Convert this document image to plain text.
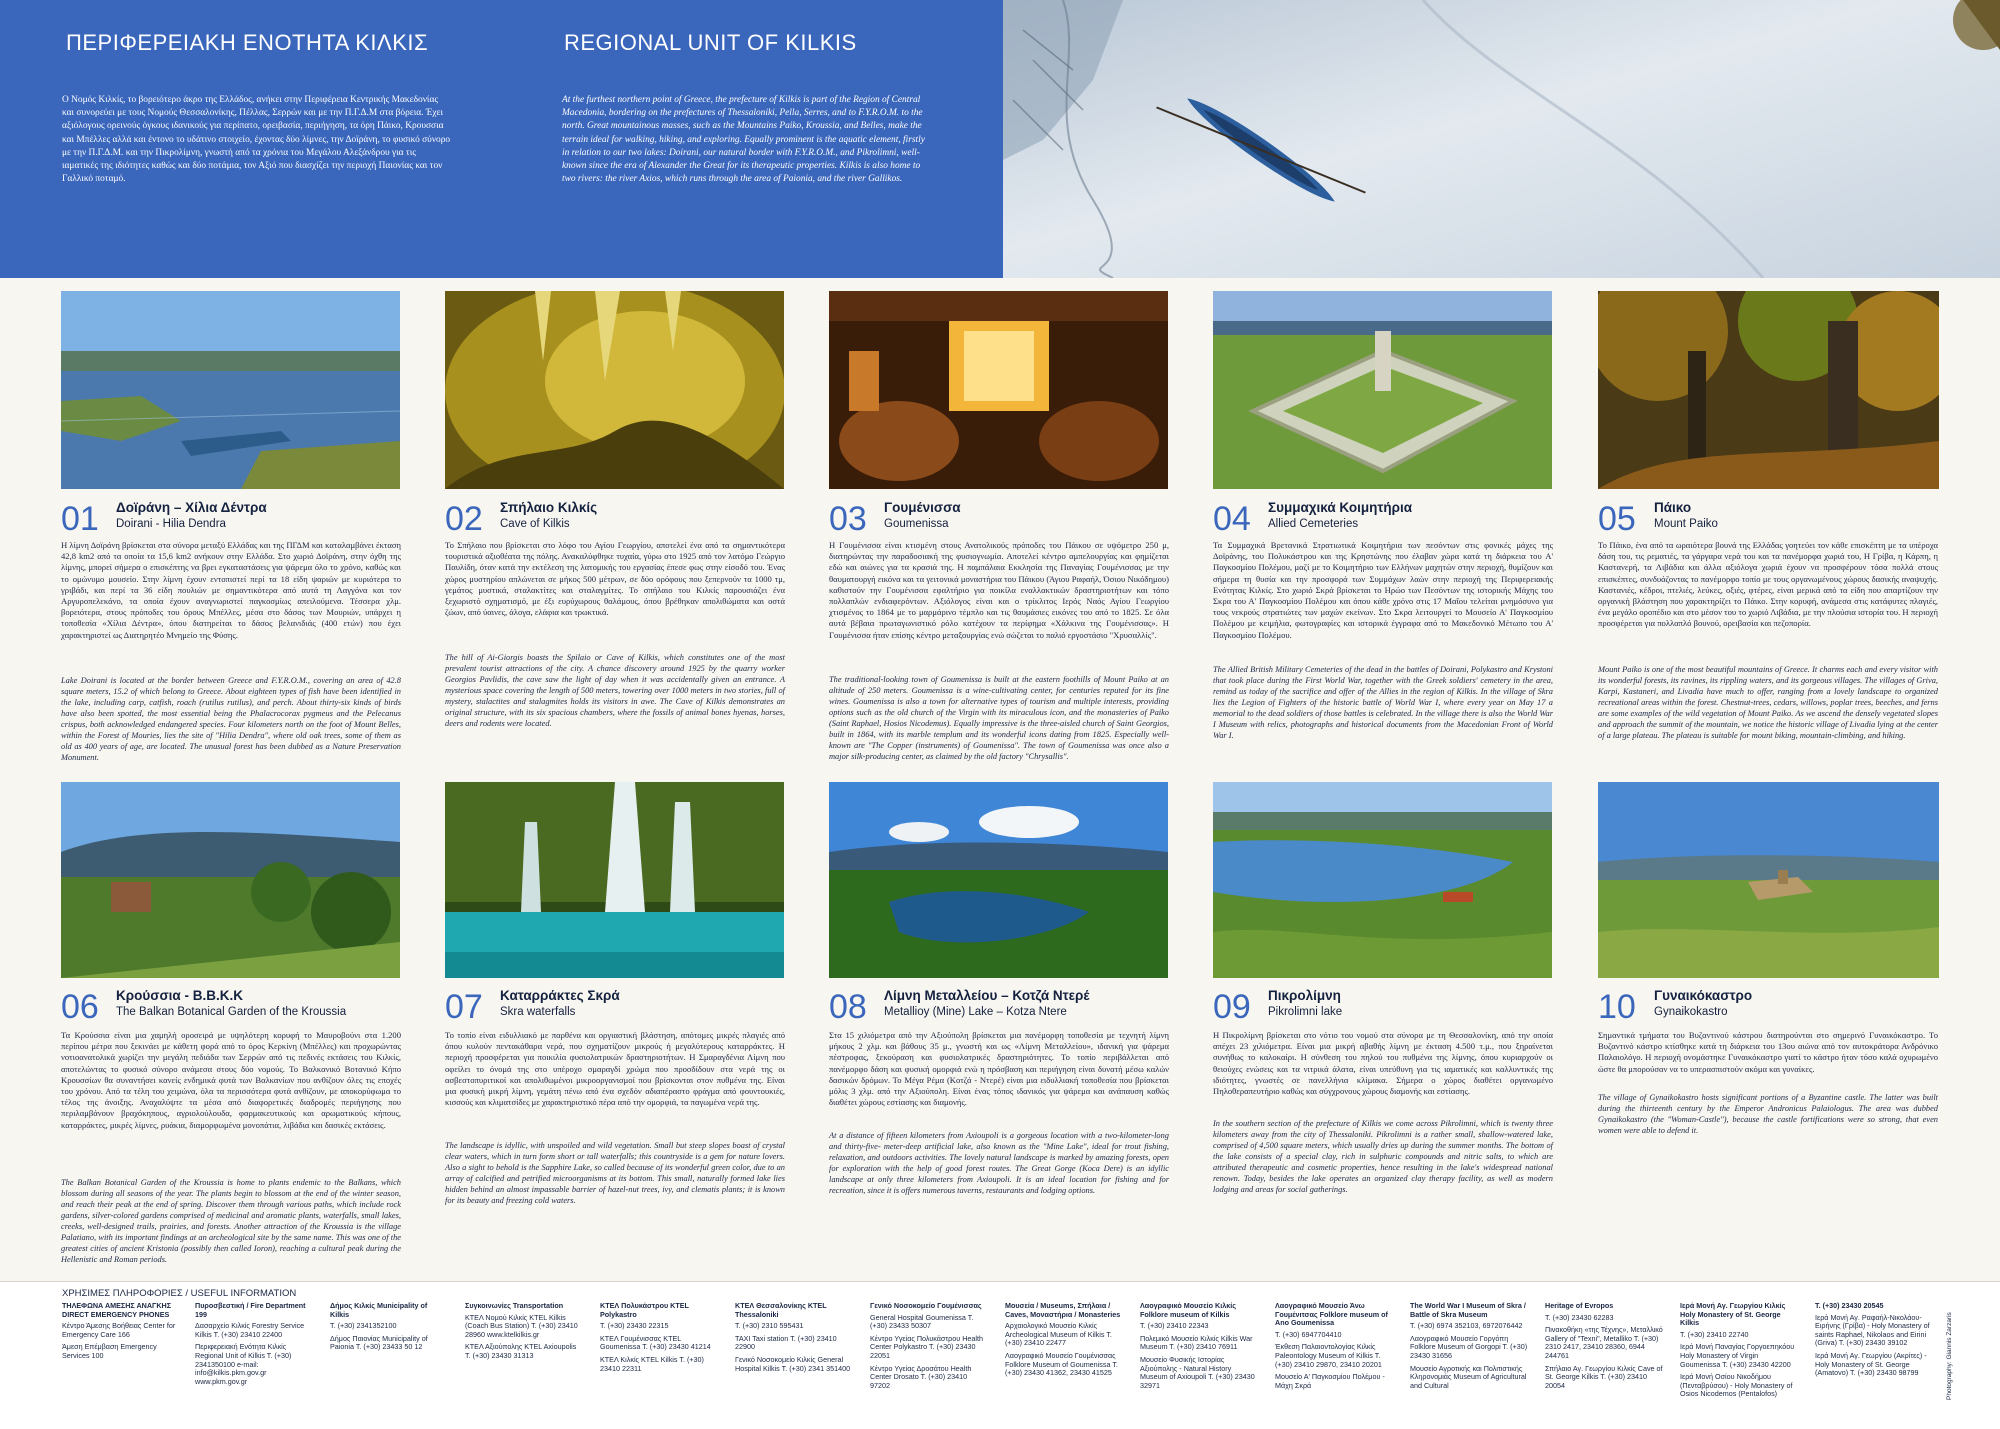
ΠΕΡΙΦΕΡΕΙΑΚΗ ΕΝΟΤΗΤΑ ΚΙΛΚΙΣ	REGIONAL UNIT OF KILKIS
Ο Νομός Κιλκίς, το βορειότερο άκρο της Ελλάδος, ανήκει στην Περιφέρεια Κεντρικής Μακεδονίας και συνορεύει με τους Νομούς Θεσσαλονίκης, Πέλλας, Σερρών και με την Π.Γ.Δ.Μ στα βόρεια. Έχει αξιόλογους ορεινούς όγκους ιδανικούς για περίπατο, ορειβασία, περιήγηση, τα όρη Πάικο, Κρουσσια και Μπέλλες αλλά και έντονο το υδάτινο στοιχείο, έχοντας δύο λίμνες, την Δοϊράνη, το φυσικό σύνορο με την Π.Γ.Δ.Μ. και την Πικρολίμνη, γνωστή από τα χρόνια του Μεγάλου Αλεξάνδρου για τις ιαματικές της ιδιότητες καθώς και δύο ποτάμια, τον Αξιό που διασχίζει την περιοχή Παιονίας και τον Γαλλικό ποταμό.
At the furthest northern point of Greece, the prefecture of Kilkis is part of the Region of Central Macedonia, bordering on the prefectures of Thessaloniki, Pella, Serres, and to F.Y.R.O.M. to the north. Great mountainous masses, such as the Mountains Paiko, Kroussia, and Belles, make the terrain ideal for walking, hiking, and exploring. Equally prominent is the aquatic element, firstly in relation to our two lakes: Doirani, our natural border with F.Y.R.O.M., and Pikrolimni, well-known since the era of Alexander the Great for its therapeutic properties. Kilkis is also home to two rivers: the river Axios, which runs through the area of Paionia, and the river Gallikos.
01 Δοϊράνη – Χίλια Δέντρα
Doirani - Hilia Dendra
Η λίμνη Δοϊράνη βρίσκεται στα σύνορα μεταξύ Ελλάδας και της ΠΓΔΜ και καταλαμβάνει έκταση 42,8 km2 από τα οποία τα 15,6 km2 ανήκουν στην Ελλάδα. Στο χωριό Δοϊράνη, στην όχθη της λίμνης, μπορεί σήμερα ο επισκέπτης να βρει εγκαταστάσεις για ψάρεμα όλο το χρόνο, καθώς και το ομώνυμο μουσείο. Στην λίμνη έχουν εντοπιστεί περί τα 18 είδη ψαριών με κυριότερα το γριβάδι, και περί τα 36 είδη πουλιών με σημαντικότερα από αυτά τη Λαγγόνα και τον Αργυροπελεκάνο, τα οποία έχουν αναγνωριστεί παγκοσμίως απειλούμενα. Τέσσερα χλμ. βορειότερα, στους πρόποδες του όρους Μπέλλες, μέσα στο δάσος των Μουριών, υπάρχει η τοποθεσία «Χίλια Δέντρα», όπου διατηρείται το δάσος βελανιδιάς (400 ετών) που έχει χαρακτηριστεί ως Διατηρητέο Μνημείο της Φύσης.
Lake Doirani is located at the border between Greece and F.Y.R.O.M., covering an area of 42.8 square meters, 15.2 of which belong to Greece. About eighteen types of fish have been identified in the lake, including carp, catfish, roach (rutilus rutilus), and perch. About thirty-six kinds of birds have also been spotted, the most essential being the Phalacrocorax pygmeus and the Pelecanus crispus, both acknowledged endangered species. Four kilometers north on the foot of Mount Belles, within the Forest of Mouries, lies the site of "Hilia Dendra", where old oak trees, some of them as old as 400 years of age, are located. The unusual forest has been dubbed as a Nature Preservation Monument.
02 Σπήλαιο Κιλκίς
Cave of Kilkis
Το Σπήλαιο που βρίσκεται στο λόφο του Αγίου Γεωργίου, αποτελεί ένα από τα σημαντικότερα τουριστικά αξιοθέατα της πόλης. Ανακαλύφθηκε τυχαία, γύρω στο 1925 από τον λατόμο Γεώργιο Παυλίδη, όταν κατά την εκτέλεση της λατομικής του εργασίας έπεσε φως στην είσοδό του. Ένας χώρος μυστηρίου απλώνεται σε μήκος 500 μέτρων, σε δύο ορόφους που ξεπερνούν τα 1000 τμ, γεμάτος μυστικά, σταλακτίτες και σταλαγμίτες. Το σπήλαιο του Κιλκίς παρουσιάζει ένα ξεχωριστό σχηματισμό, με έξι ευρύχωρους θαλάμους, όπου βρέθηκαν απολιθώματα και οστά ζώων, από ύαινες, άλογα, ελάφια και τρωκτικά.
The hill of Ai-Giorgis boasts the Spilaio or Cave of Kilkis, which constitutes one of the most prevalent tourist attractions of the city. A chance discovery around 1925 by the quarry worker Georgios Pavlidis, the cave saw the light of day when it was accidentally given an entrance. A mysterious space covering the length of 500 meters, towering over 1000 meters in two stories, full of mystery, stalactites and stalagmites holds its visitors in awe. The Cave of Kilkis demonstrates an original structure, with its six spacious chambers, where the fossils of animal bones hyenas, horses, deers and rodents were located.
03 Γουμένισσα
Goumenissa
Η Γουμένισσα είναι κτισμένη στους Ανατολικούς πρόποδες του Πάικου σε υψόμετρο 250 μ, διατηρώντας την παραδοσιακή της φυσιογνωμία. Αποτελεί κέντρο αμπελουργίας και φημίζεται εδώ και αιώνες για τα κρασιά της. Η παμπάλαια Εκκλησία της Παναγίας Γουμένισσας με την θαυματουργή εικόνα και τα γειτονικά μοναστήρια του Πάικου (Άγιου Ραφαήλ, Όσιου Νικόδημου) καθιστούν την Γουμένισσα εφαλτήριο για ποικίλα εναλλακτικών δραστηριοτήτων και τόπο πολλαπλών ενδιαφερόντων. Αξιόλογος είναι και ο τρίκλιτος Ιερός Ναός Αγίου Γεωργίου χτισμένος το 1864 με το μαρμάρινο τέμπλο και τις θαυμάσιες εικόνες του από το 1825. Σε όλα αυτά βέβαια πρωταγωνιστικό ρόλο κατέχουν τα περίφημα «Χάλκινα της Γουμένισσας». Η Γουμένισσα ήταν επίσης κέντρο μεταξουργίας ενώ σώζεται το παλιό εργοστάσιο "Χρυσαλλίς".
The traditional-looking town of Goumenissa is built at the eastern foothills of Mount Paiko at an altitude of 250 meters. Goumenissa is a wine-cultivating center, for centuries reputed for its fine wines. Goumenissa is also a town for alternative types of tourism and multiple interests, providing options such as the old church of the Virgin with its miraculous icon, and the monasteries of Paiko (Saint Raphael, Hosios Nicodemus). Equally impressive is the three-aisled church of Saint Georgios, built in 1864, with its marble templum and its wonderful icons dating from 1825. Especially well-known are "The Copper (instruments) of Goumenissa". The town of Goumenissa was once also a major silk-producing center, as claimed by the old factory "Chrysallis".
04 Συμμαχικά Κοιμητήρια
Allied Cemeteries
Τα Συμμαχικά Βρετανικά Στρατιωτικά Κοιμητήρια των πεσόντων στις φονικές μάχες της Δοϊράνης, του Πολυκάστρου και της Κρηστώνης που έλαβαν χώρα κατά τη διάρκεια του Α' Παγκοσμίου Πολέμου, μαζί με το Κοιμητήριο των Ελλήνων μαχητών στην περιοχή, θυμίζουν και σήμερα τη θυσία και την προσφορά των Συμμάχων λαών στην περιοχή της Περιφερειακής Ενότητας Κιλκίς. Στο χωριό Σκρά βρίσκεται το Ηρώο των Πεσόντων της ιστορικής Μάχης του Σκρα του Α' Παγκοσμίου Πολέμου και όπου κάθε χρόνο στις 17 Μαΐου τελείται μνημόσυνο για τους νεκρούς στρατιώτες των μαχών εκείνων. Στο Σκρα λειτουργεί το Μουσείο Α' Παγκοσμίου Πολέμου με κειμήλια, φωτογραφίες και ιστορικά έγγραφα από το Μακεδονικό Μέτωπο του Α' Παγκοσμίου Πολέμου.
The Allied British Military Cemeteries of the dead in the battles of Doirani, Polykastro and Krystoni that took place during the First World War, together with the Greek soldiers' cemetery in the area, remind us today of the sacrifice and offer of the Allies in the region of Kilkis. In the village of Skra lies the Legion of Fighters of the historic battle of World War I, where every year on May 17 a memorial to the dead soldiers of those battles is celebrated. In the village there is also the World War I Museum with relics, photographs and historical documents from the Macedonian Front of World War I.
05 Πάικο
Mount Paiko
Το Πάικο, ένα από τα ωραιότερα βουνά της Ελλάδας γοητεύει τον κάθε επισκέπτη με τα υπέροχα δάση του, τις ρεματιές, τα γάργαρα νερά του και τα πανέμορφα χωριά του, Η Γρίβα, η Κάρπη, η Καστανερή, τα Λιβάδια και άλλα αξιόλογα χωριά έχουν να προσφέρουν τόσα πολλά στους επισκέπτες, συνδυάζοντας το πανέμορφο τοπίο με τους οργανωμένους χώρους δασικής αναψυχής. Καστανιές, κέδροι, πτελιές, λεύκες, οξιές, φτέρες, είναι μερικά από τα είδη που απαρτίζουν την οργανική βλάστηση που χαρακτηρίζει το Πάικο. Στην κορυφή, ανάμεσα στις κατάφυτες πλαγιές, ένα μεγάλο οροπέδιο και στο μέσον του το χωριό Λιβάδια, με την πλούσια ιστορία του. Η περιοχή προσφέρεται για πολλαπλό βουνού, ορειβασία και πεζοπορία.
Mount Paiko is one of the most beautiful mountains of Greece. It charms each and every visitor with its wonderful forests, its ravines, its rippling waters, and its gorgeous villages. The villages of Griva, Karpi, Kastaneri, and Livadia have much to offer, ranging from a lovely landscape to organized recreational areas within the forest. Chestnut-trees, cedars, willows, poplar trees, beeches, and ferns are some examples of the wild vegetation of Mount Paiko. As we ascend the densely vegetated slopes and approach the summit of the mountain, we notice the historic village of Livadia lying at the center of a large plateau. The plateau is suitable for mount biking, mountain-climbing, and hiking.
06 Κρούσσια - Β.Β.Κ.Κ
The Balkan Botanical Garden of the Kroussia
Τα Κρούσσια είναι μια χαμηλή οροσειρά με υψηλότερη κορυφή το Μαυροβούνι στα 1.200 περίπου μέτρα που ξεκινάει με κάθετη φορά από το όρος Κερκίνη (Μπέλλες) και προχωρώντας νοτιοανατολικά χωρίζει την μεγάλη πεδιάδα των Σερρών από τις πεδινές εκτάσεις του Κιλκίς, αποτελώντας το φυσικό σύνορο ανάμεσα στους δύο νομούς. Το Βαλκανικό Βοτανικό Κήπο Κρουσσίων θα συναντήσει κανείς ενδημικά φυτά των Βαλκανίων που ανθίζουν όλες τις εποχές του χρόνου. Από τα τέλη του χειμώνα, όλα τα περισσότερα φυτά ανθίζουν, με αποκορύφωμα το τέλος της άνοιξης. Αναχαλύψτε τα μέσα από διαφορετικές διαδρομές περιήγησης που περιλαμβάνουν βραχόκηπους, αγριολούλουδα, φαρμακευτικούς και αρωματικούς κήπους, καταρράκτες, μικρές λίμνες, ρυάκια, διαμορφωμένα μονοπάτια, λιβάδια και δασικές εκτάσεις.
The Balkan Botanical Garden of the Kroussia is home to plants endemic to the Balkans, which blossom during all seasons of the year. The plants begin to blossom at the end of the winter season, and reach their peak at the end of spring. Discover them through various paths, which include rock gardens, silver-colored gardens comprised of medicinal and aromatic plants, waterfalls, small lakes, creeks, well-designed trails, prairies, and forests. Another attraction of the Kroussia is the village Palatiano, with its important findings at an archeological site by the same name. This was one of the greatest cities of ancient Kristonia (possibly then called Ioron), reaching a cultural peak during the Hellenistic and Roman periods.
07 Καταρράκτες Σκρά
Skra waterfalls
Το τοπίο είναι ειδυλλιακό με παρθένα και οργιαστική βλάστηση, απότομες μικρές πλαγιές από όπου κυλούν πεντακάθαρα νερά, που σχηματίζουν μικρούς ή μεγαλύτερους καταρράκτες. Η περιοχή προσφέρεται για ποικιλία φυσιολατρικών δραστηριοτήτων. Η Σμαραγδένια Λίμνη που οφείλει το όνομά της στο υπέροχο σμαραγδί χρώμα που προσδίδουν στα νερά της οι ασβεστοπυριτικοί και απολιθωμένοι μικροοργανισμοί που βρίσκονται στον πυθμένα της. Είναι μια φυσική μικρή λίμνη, γεμάτη πένω από ένα σχεδόν αδιαπέραστο φράγμα από φουντουκιές, κισσούς και κλιματσίδες με χαρακτηριστικό πέρα από την ομορφιά, τα παγωμένα νερά της.
The landscape is idyllic, with unspoiled and wild vegetation. Small but steep slopes boast of crystal clear waters, which in turn form short or tall waterfalls; this countryside is a gem for nature lovers. Also a sight to behold is the Sapphire Lake, so called because of its wonderful green color, due to an array of calcified and petrified microorganisms at its bottom. This small, naturally formed lake lies hidden behind an almost impassable barrier of hazel-nut trees, ivy, and clematis plants; it is known for its beauty and freezing cold waters.
08 Λίμνη Μεταλλείου – Κοτζά Ντερέ
Metallioy (Mine) Lake – Kotza Ntere
Στα 15 χιλιόμετρα από την Αξιούπολη βρίσκεται μια πανέμορφη τοποθεσία με τεχνητή λίμνη μήκους 2 χλμ. και βάθους 35 μ., γνωστή και ως «Λίμνη Μεταλλείου», ιδανική για ψάρεμα πέστροφας, ξεκούραση και φυσιολατρικές δραστηριότητες. Το τοπίο περιβάλλεται από πανέμορφο δάση και φυσική ομορφιά ενώ η πρόσβαση και περιήγηση είναι δυνατή μέσω καλών δασικών δρόμων. Το Μέγα Ρέμα (Κοτζά - Ντερέ) είναι μια ειδυλλιακή τοποθεσία που βρίσκεται μόλις 3 χλμ. από την Αξιούπολη. Είναι ένας τόπος ιδανικός για ψάρεμα και ανάπαυση καθώς διαθέτει χώρους εστίασης και διαμονής.
At a distance of fifteen kilometers from Axioupoli is a gorgeous location with a two-kilometer-long and thirty-five- meter-deep artificial lake, also known as the "Mine Lake", ideal for trout fishing, relaxation, and outdoors activities. The lovely natural landscape is marked by amazing forests, open for exploration with the help of good forest routes. The Great Gorge (Koca Dere) is an idyllic landscape at only three kilometers from Axioupoli. It is an ideal location for fishing and for recreation, since it is offers numerous taverns, restaurants and lodging options.
09 Πικρολίμνη
Pikrolimni lake
Η Πικρολίμνη βρίσκεται στο νότιο του νομού στα σύνορα με τη Θεσσαλονίκη, από την οποία απέχει 23 χιλιόμετρα. Είναι μια μικρή αβαθής λίμνη με έκταση 4.500 τ.μ., που ξηραίνεται συνήθως το καλοκαίρι. Η σύνθεση του πηλού του πυθμένα της λίμνης, όπου κυριαρχούν οι θειούχες ενώσεις και τα νιτρικά άλατα, είναι υπεύθυνη για τις ιαματικές και καλλυντικές της ιδιότητες, γνωστές σε πανελλήνια κλίμακα. Σήμερα ο χώρος διαθέτει οργανωμένο Πηλοθεραπευτήριο καθώς και σύγχρονους χώρους διαμονής και εστίασης.
In the southern section of the prefecture of Kilkis we come across Pikrolimni, which is twenty three kilometers away from the city of Thessaloniki. Pikrolimni is a rather small, shallow-watered lake, comprised of 4,500 square meters, which usually dries up during the summer months. The bottom of the lake consists of a special clay, rich in sulphuric compounds and nitric salts, to which are attributed therapeutic and cosmetic properties, hence resulting in the lake's widespread national renown. Today, besides the lake operates an organized clay therapy facility, as well as modern lodging and areas for social gatherings.
10 Γυναικόκαστρο
Gynaikokastro
Σημαντικά τμήματα του Βυζαντινού κάστρου διατηρούνται στο σημερινό Γυναικόκαστρο. Το Βυζαντινό κάστρο κτίσθηκε κατά τη διάρκεια του 13ου αιώνα από τον αυτοκράτορα Ανδρόνικο Παλαιολόγο. Η περιοχή ονομάστηκε Γυναικόκαστρο γιατί το κάστρο ήταν τόσο καλά οχυρωμένο ώστε θα μπορούσαν να το υπερασπιστούν ακόμα και γυναίκες.
The village of Gynaikokastro hosts significant portions of a Byzantine castle. The latter was built during the thirteenth century by the Emperor Andronicus Palaiologus. The area was dubbed Gynaikokastro (the "Woman-Castle"), because the castle fortifications were so strong, that even women were able to defend it.
ΧΡΗΣΙΜΕΣ ΠΛΗΡΟΦΟΡΙΕΣ / USEFUL INFORMATION
ΤΗΛΕΦΩΝΑ ΑΜΕΣΗΣ ΑΝΑΓΚΗΣ DIRECT EMERGENCY PHONES
Κέντρο Άμεσης Βοήθειας Center for Emergency Care 166
Άμεση Επέμβαση Emergency Services 100
Πυροσβεστική / Fire Department 199
Δασαρχείο Κιλκίς Forestry Service Kilkis T. (+30) 23410 22400
Περιφερειακή Ενότητα Κιλκίς Regional Unit of Kilkis T. (+30) 2341350100 e-mail: info@kilkis.pkm.gov.gr www.pkm.gov.gr
Δήμος Κιλκίς Municipality of Kilkis
T. (+30) 2341352100
Δήμος Παιονίας Municipality of Paionia T. (+30) 23433 50 12
Συγκοινωνίες Transportation
ΚΤΕΛ Νομού Κιλκίς KTEL Kilkis (Coach Bus Station) T. (+30) 23410 28960 www.ktelkilkis.gr
ΚΤΕΛ Αξιούπολης KTEL Axioupolis T. (+30) 23430 31313
ΚΤΕΛ Πολυκάστρου KTEL Polykastro
T. (+30) 23430 22315
ΚΤΕΛ Γουμένισσας KTEL Goumenissa T. (+30) 23430 41214
ΚΤΕΛ Κιλκίς KTEL Kilkis T. (+30) 23410 22311
ΚΤΕΛ Θεσσαλονίκης KTEL Thessaloniki
T. (+30) 2310 595431
TAXI Taxi station T. (+30) 23410 22900
Γενικό Νοσοκομείο Κιλκίς General Hospital Kilkis T. (+30) 2341 351400
Γενικό Νοσοκομείο Γουμένισσας
General Hospital Goumenissa T. (+30) 23433 50307
Κέντρο Υγείας Πολυκάστρου Health Center Polykastro T. (+30) 23430 22051
Κέντρο Υγείας Δροσάτου Health Center Drosato T. (+30) 23410 97202
Μουσεία / Museums, Σπήλαια / Caves, Μοναστήρια / Monasteries
Αρχαιολογικό Μουσείο Κιλκίς Archeological Museum of Kilkis T. (+30) 23410 22477
Λαογραφικό Μουσείο Γουμένισσας Folklore Museum of Goumenissa T. (+30) 23430 41362, 23430 41525
Λαογραφικό Μουσείο Κιλκίς Folklore museum of Kilkis
T. (+30) 23410 22343
Πολεμικό Μουσείο Κιλκίς Kilkis War Museum T. (+30) 23410 76911
Μουσείο Φυσικής Ιστορίας Αξιούπολης - Natural History Museum of Axioupoli T. (+30) 23430 32971
Λαογραφικό Μουσείο Άνω Γουμένιτσας Folklore museum of Ano Goumenissa
T. (+30) 6947704410
Έκθεση Παλαιοντολογίας Κιλκίς Paleontology Museum of Kilkis T. (+30) 23410 29870, 23410 20201
Μουσείο Α' Παγκοσμίου Πολέμου - Μάχη Σκρά
The World War I Museum of Skra / Battle of Skra Museum
T. (+30) 6974 352103, 6972076442
Λαογραφικό Μουσείο Γοργόπη Folklore Museum of Gorgopi T. (+30) 23430 31656
Μουσείο Αγροτικής και Πολιτιστικής Κληρονομιάς Museum of Agricultural and Cultural
Heritage of Evropos
T. (+30) 23430 62283
Πινακοθήκη «της Τέχνης», Μεταλλικό Gallery of "Texni", Metalliko T. (+30) 2310 2417, 23410 28360, 6944 244761
Σπήλαιο Αγ. Γεωργίου Κιλκίς Cave of St. George Kilkis T. (+30) 23410 20054
Ιερά Μονή Αγ. Γεωργίου Κιλκίς Holy Monastery of St. George Kilkis
T. (+30) 23410 22740
Ιερά Μονή Παναγίας Γοργοεπηκόου Holy Monastery of Virgin Goumenissa T. (+30) 23430 42200
Ιερά Μονή Οσίου Νικοδήμου (Πενταβρύσου) - Holy Monastery of Osios Nicodemos (Pentalofos)
T. (+30) 23430 20545
Ιερά Μονή Αγ. Ραφαήλ-Νικολάου-Ειρήνης (Γρίβα) - Holy Monastery of saints Raphael, Nikolaos and Eirini (Griva) T. (+30) 23430 39102
Ιερά Μονή Αγ. Γεωργίου (Ακρίτες) - Holy Monastery of St. George (Amatovo) T. (+30) 23430 98799	Photography: Giannis Zarzaris
